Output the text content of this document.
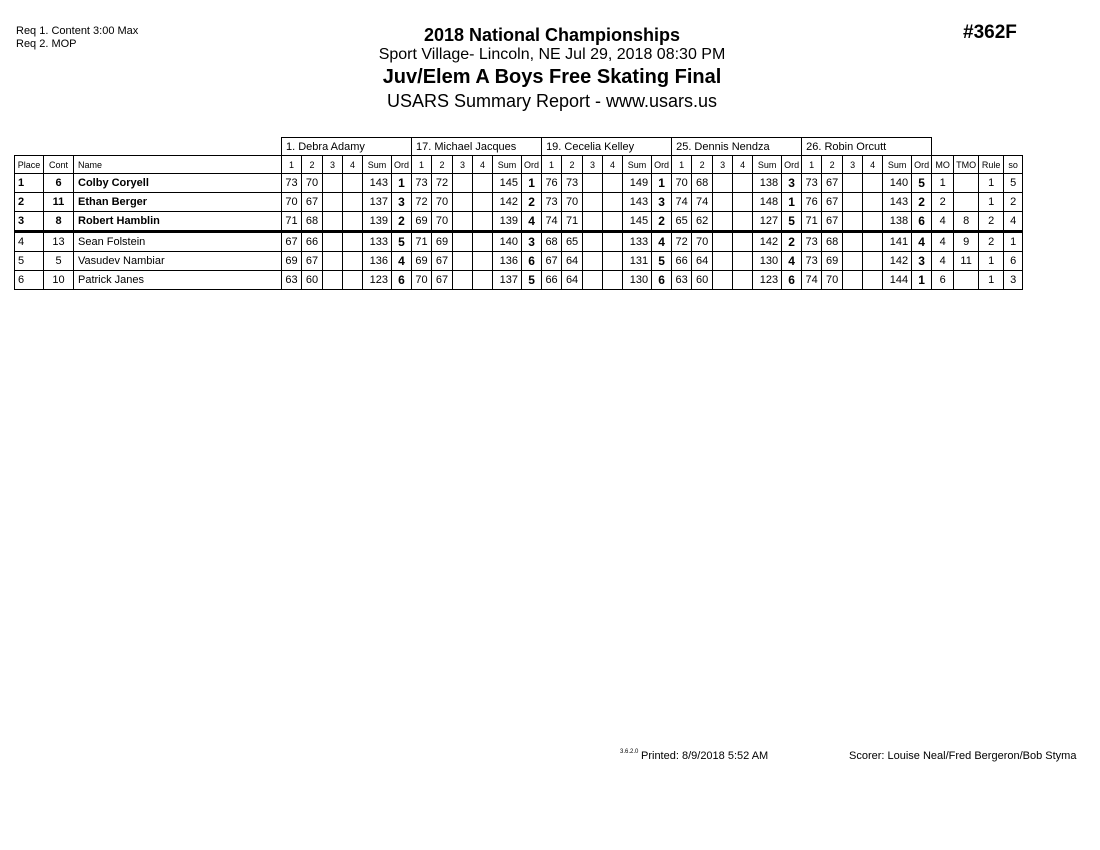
Req 1. Content 3:00 Max
Req 2. MOP
#362F
2018 National Championships
Sport Village- Lincoln, NE Jul 29, 2018 08:30 PM
Juv/Elem A Boys Free Skating Final
USARS Summary Report - www.usars.us
			1. Debra Adamy						17. Michael Jacques						19. Cecelia Kelley						25. Dennis Nendza						26. Robin Orcutt									
Place	Cont	Name	1	2	3	4	Sum	Ord	1	2	3	4	Sum	Ord	1	2	3	4	Sum	Ord	1	2	3	4	Sum	Ord	1	2	3	4	Sum	Ord	MO	TMO	Rule	so
1	6	Colby Coryell	73	70			143	1	73	72			145	1	76	73			149	1	70	68			138	3	73	67			140	5	1		1	5
2	11	Ethan Berger	70	67			137	3	72	70			142	2	73	70			143	3	74	74			148	1	76	67			143	2	2		1	2
3	8	Robert Hamblin	71	68			139	2	69	70			139	4	74	71			145	2	65	62			127	5	71	67			138	6	4	8	2	4
4	13	Sean Folstein	67	66			133	5	71	69			140	3	68	65			133	4	72	70			142	2	73	68			141	4	4	9	2	1
5	5	Vasudev Nambiar	69	67			136	4	69	67			136	6	67	64			131	5	66	64			130	4	73	69			142	3	4	11	1	6
6	10	Patrick Janes	63	60			123	6	70	67			137	5	66	64			130	6	63	60			123	6	74	70			144	1	6		1	3
3.6.2.0 Printed: 8/9/2018 5:52 AM	Scorer: Louise Neal/Fred Bergeron/Bob Styma
